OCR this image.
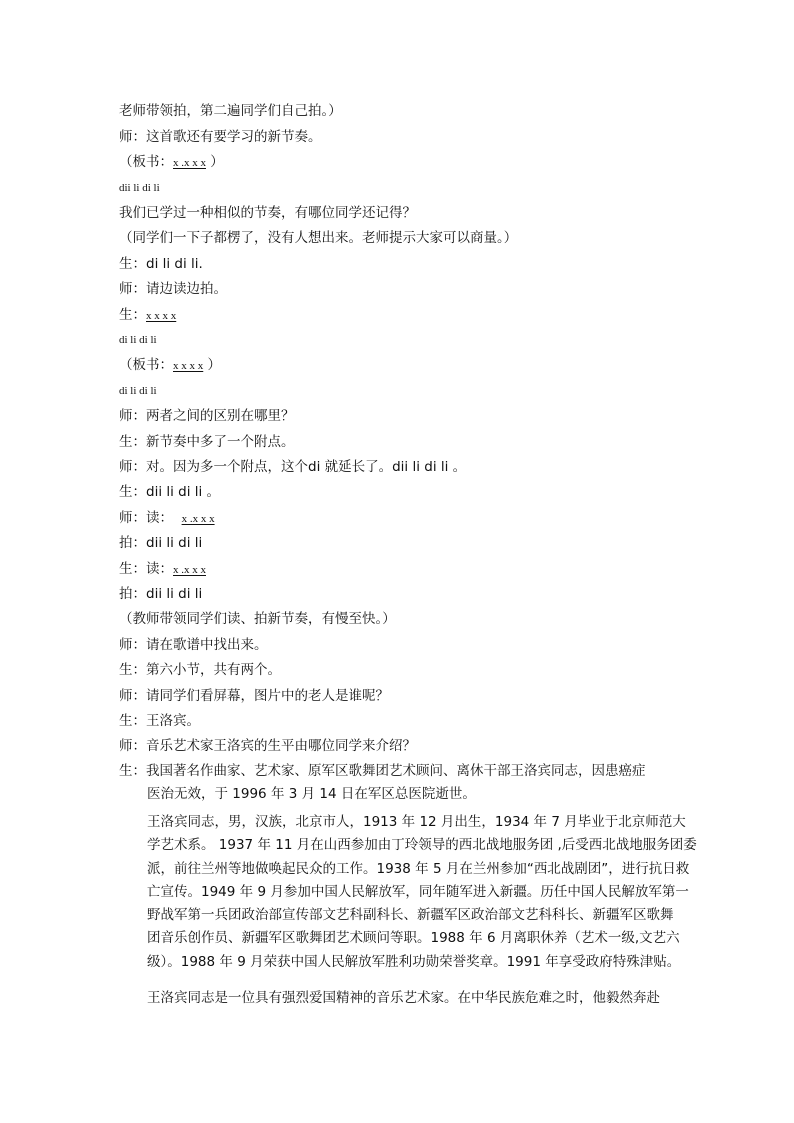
老师带领拍，第二遍同学们自己拍。）
师：这首歌还有要学习的新节奏。
（板书：x .x x x ）
dii li di li
我们已学过一种相似的节奏，有哪位同学还记得？
（同学们一下子都楞了，没有人想出来。老师提示大家可以商量。）
生：di li di li.
师：请边读边拍。
生：x x x x
di li di li
（板书：x x x x ）
di li di li
师：两者之间的区别在哪里？
生：新节奏中多了一个附点。
师：对。因为多一个附点，这个di 就延长了。dii li di li 。
生：dii li di li 。
师：读：  x .x x x
拍：dii li di li
生：读：x .x x x
拍：dii li di li
（教师带领同学们读、拍新节奏，有慢至快。）
师：请在歌谱中找出来。
生：第六小节，共有两个。
师：请同学们看屏幕，图片中的老人是谁呢？
生：王洛宾。
师：音乐艺术家王洛宾的生平由哪位同学来介绍？
生：我国著名作曲家、艺术家、原军区歌舞团艺术顾问、离休干部王洛宾同志，因患癌症
医治无效，于 1996 年 3 月 14 日在军区总医院逝世。
王洛宾同志，男，汉族，北京市人，1913 年 12 月出生，1934 年 7 月毕业于北京师范大
学艺术系。 1937 年 11 月在山西参加由丁玲领导的西北战地服务团 ,后受西北战地服务团委
派，前往兰州等地做唤起民众的工作。1938 年 5 月在兰州参加“西北战剧团”，进行抗日救
亡宣传。1949 年 9 月参加中国人民解放军，同年随军进入新疆。历任中国人民解放军第一
野战军第一兵团政治部宣传部文艺科副科长、新疆军区政治部文艺科科长、新疆军区歌舞
团音乐创作员、新疆军区歌舞团艺术顾问等职。1988 年 6 月离职休养（艺术一级,文艺六
级）。1988 年 9 月荣获中国人民解放军胜利功勋荣誉奖章。1991 年享受政府特殊津贴。
王洛宾同志是一位具有强烈爱国精神的音乐艺术家。在中华民族危难之时，他毅然奔赴
